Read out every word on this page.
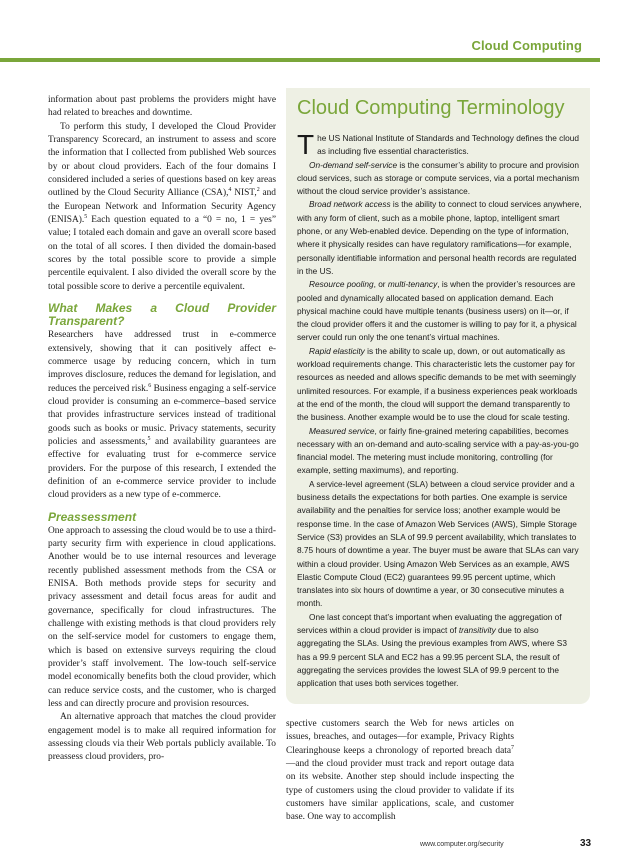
Cloud Computing

information about past problems the providers might have had related to breaches and downtime.

To perform this study, I developed the Cloud Provider Transparency Scorecard, an instrument to assess and score the information that I collected from published Web sources by or about cloud providers. Each of the four domains I considered included a series of questions based on key areas outlined by the Cloud Security Alliance (CSA),$^4$ NIST,$^2$ and the European Network and Information Security Agency (ENISA).$^5$ Each question equated to a “0 = no, 1 = yes” value; I totaled each domain and gave an overall score based on the total of all scores. I then divided the domain-based scores by the total possible score to provide a simple percentile equivalent. I also divided the overall score by the total possible score to derive a percentile equivalent.

What Makes a Cloud Provider Transparent?

Researchers have addressed trust in e-commerce extensively, showing that it can positively affect e-commerce usage by reducing concern, which in turn improves disclosure, reduces the demand for legislation, and reduces the perceived risk.$^6$ Business engaging a self-service cloud provider is consuming an e-commerce–based service that provides infrastructure services instead of traditional goods such as books or music. Privacy statements, security policies and assessments,$^5$ and availability guarantees are effective for evaluating trust for e-commerce service providers. For the purpose of this research, I extended the definition of an e-commerce service provider to include cloud providers as a new type of e-commerce.

Preassessment

One approach to assessing the cloud would be to use a third-party security firm with experience in cloud applications. Another would be to use internal resources and leverage recently published assessment methods from the CSA or ENISA. Both methods provide steps for security and privacy assessment and detail focus areas for audit and governance, specifically for cloud infrastructures. The challenge with existing methods is that cloud providers rely on the self-service model for customers to engage them, which is based on extensive surveys requiring the cloud provider’s staff involvement. The low-touch self-service model economically benefits both the cloud provider, which can reduce service costs, and the customer, who is charged less and can directly procure and provision resources.

An alternative approach that matches the cloud provider engagement model is to make all required information for assessing clouds via their Web portals publicly available. To preassess cloud providers, pro-

Cloud Computing Terminology

The US National Institute of Standards and Technology defines the cloud as including five essential characteristics.

On-demand self-service is the consumer’s ability to procure and provision cloud services, such as storage or compute services, via a portal mechanism without the cloud service provider’s assistance.

Broad network access is the ability to connect to cloud services anywhere, with any form of client, such as a mobile phone, laptop, intelligent smart phone, or any Web-enabled device. Depending on the type of information, where it physically resides can have regulatory ramifications—for example, personally identifiable information and personal health records are regulated in the US.

Resource pooling, or multi-tenancy, is when the provider’s resources are pooled and dynamically allocated based on application demand. Each physical machine could have multiple tenants (business users) on it—or, if the cloud provider offers it and the customer is willing to pay for it, a physical server could run only the one tenant’s virtual machines.

Rapid elasticity is the ability to scale up, down, or out automatically as workload requirements change. This characteristic lets the customer pay for resources as needed and allows specific demands to be met with seemingly unlimited resources. For example, if a business experiences peak workloads at the end of the month, the cloud will support the demand transparently to the business. Another example would be to use the cloud for scale testing.

Measured service, or fairly fine-grained metering capabilities, becomes necessary with an on-demand and auto-scaling service with a pay-as-you-go financial model. The metering must include monitoring, controlling (for example, setting maximums), and reporting.

A service-level agreement (SLA) between a cloud service provider and a business details the expectations for both parties. One example is service availability and the penalties for service loss; another example would be response time. In the case of Amazon Web Services (AWS), Simple Storage Service (S3) provides an SLA of 99.9 percent availability, which translates to 8.75 hours of downtime a year. The buyer must be aware that SLAs can vary within a cloud provider. Using Amazon Web Services as an example, AWS Elastic Compute Cloud (EC2) guarantees 99.95 percent uptime, which translates into six hours of downtime a year, or 30 consecutive minutes a month.

One last concept that’s important when evaluating the aggregation of services within a cloud provider is impact of transitivity due to also aggregating the SLAs. Using the previous examples from AWS, where S3 has a 99.9 percent SLA and EC2 has a 99.95 percent SLA, the result of aggregating the services provides the lowest SLA of 99.9 percent to the application that uses both services together.

spective customers search the Web for news articles on issues, breaches, and outages—for example, Privacy Rights Clearinghouse keeps a chronology of reported breach data$^7$—and the cloud provider must track and report outage data on its website. Another step should include inspecting the type of customers using the cloud provider to validate if its customers have similar applications, scale, and customer base. One way to accomplish

www.computer.org/security	33
